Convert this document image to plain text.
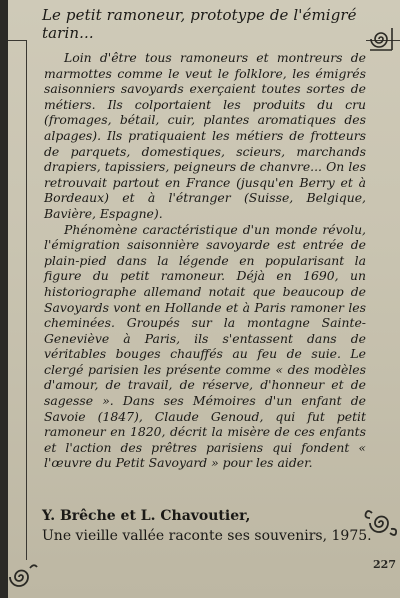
Le petit ramoneur, prototype de l'émigré tarin...

Loin d'être tous ramoneurs et montreurs de marmottes comme le veut le folklore, les émigrés saisonniers savoyards exerçaient toutes sortes de métiers. Ils colportaient les produits du cru (fromages, bétail, cuir, plantes aromatiques des alpages). Ils pratiquaient les métiers de frotteurs de parquets, domestiques, scieurs, marchands drapiers, tapissiers, peigneurs de chanvre... On les retrouvait partout en France (jusqu'en Berry et à Bordeaux) et à l'étranger (Suisse, Belgique, Bavière, Espagne).

Phénomène caractéristique d'un monde révolu, l'émigration saisonnière savoyarde est entrée de plain-pied dans la légende en popularisant la figure du petit ramoneur. Déjà en 1690, un historiographe allemand notait que beaucoup de Savoyards vont en Hollande et à Paris ramoner les cheminées. Groupés sur la montagne Sainte-Geneviève à Paris, ils s'entassent dans de véritables bouges chauffés au feu de suie. Le clergé parisien les présente comme « des modèles d'amour, de travail, de réserve, d'honneur et de sagesse ». Dans ses Mémoires d'un enfant de Savoie (1847), Claude Genoud, qui fut petit ramoneur en 1820, décrit la misère de ces enfants et l'action des prêtres parisiens qui fondent « l'œuvre du Petit Savoyard » pour les aider.

Y. Brêche et L. Chavoutier,
Une vieille vallée raconte ses souvenirs, 1975.
227
